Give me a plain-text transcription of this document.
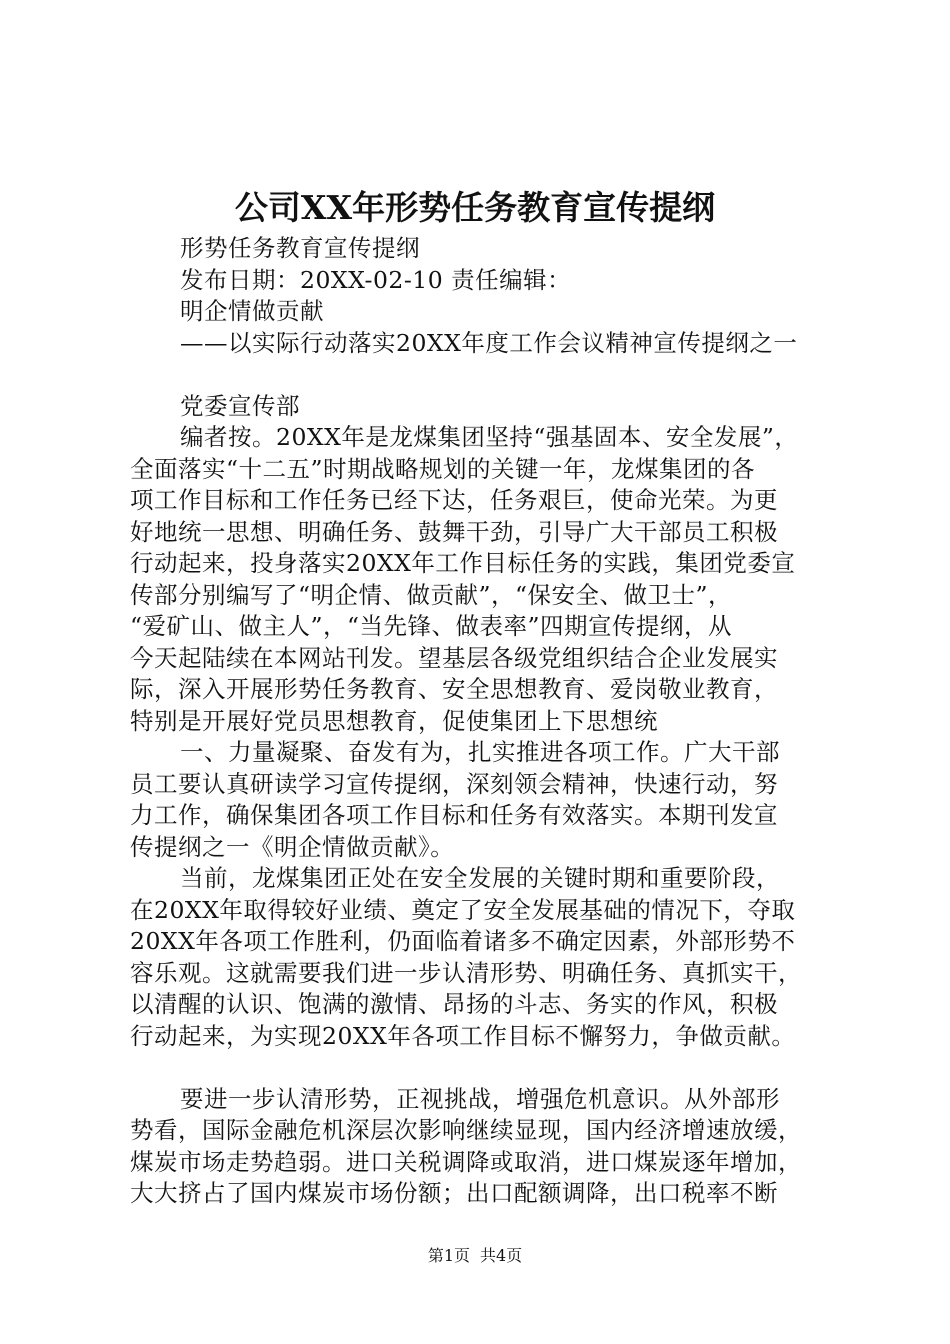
公司XX年形势任务教育宣传提纲
形势任务教育宣传提纲
发布日期：20XX-02-10 责任编辑：
明企情做贡献
——以实际行动落实20XX年度工作会议精神宣传提纲之一
党委宣传部
编者按。20XX年是龙煤集团坚持“强基固本、安全发展”，
全面落实“十二五”时期战略规划的关键一年，龙煤集团的各
项工作目标和工作任务已经下达，任务艰巨，使命光荣。为更
好地统一思想、明确任务、鼓舞干劲，引导广大干部员工积极
行动起来，投身落实20XX年工作目标任务的实践，集团党委宣
传部分别编写了“明企情、做贡献”，“保安全、做卫士”，
“爱矿山、做主人”，“当先锋、做表率”四期宣传提纲，从
今天起陆续在本网站刊发。望基层各级党组织结合企业发展实
际，深入开展形势任务教育、安全思想教育、爱岗敬业教育，
特别是开展好党员思想教育，促使集团上下思想统
一、力量凝聚、奋发有为，扎实推进各项工作。广大干部
员工要认真研读学习宣传提纲，深刻领会精神，快速行动，努
力工作，确保集团各项工作目标和任务有效落实。本期刊发宣
传提纲之一《明企情做贡献》。
当前，龙煤集团正处在安全发展的关键时期和重要阶段，
在20XX年取得较好业绩、奠定了安全发展基础的情况下，夺取
20XX年各项工作胜利，仍面临着诸多不确定因素，外部形势不
容乐观。这就需要我们进一步认清形势、明确任务、真抓实干，
以清醒的认识、饱满的激情、昂扬的斗志、务实的作风，积极
行动起来，为实现20XX年各项工作目标不懈努力，争做贡献。
要进一步认清形势，正视挑战，增强危机意识。从外部形
势看，国际金融危机深层次影响继续显现，国内经济增速放缓，
煤炭市场走势趋弱。进口关税调降或取消，进口煤炭逐年增加，
大大挤占了国内煤炭市场份额；出口配额调降，出口税率不断
第1页 共4页
